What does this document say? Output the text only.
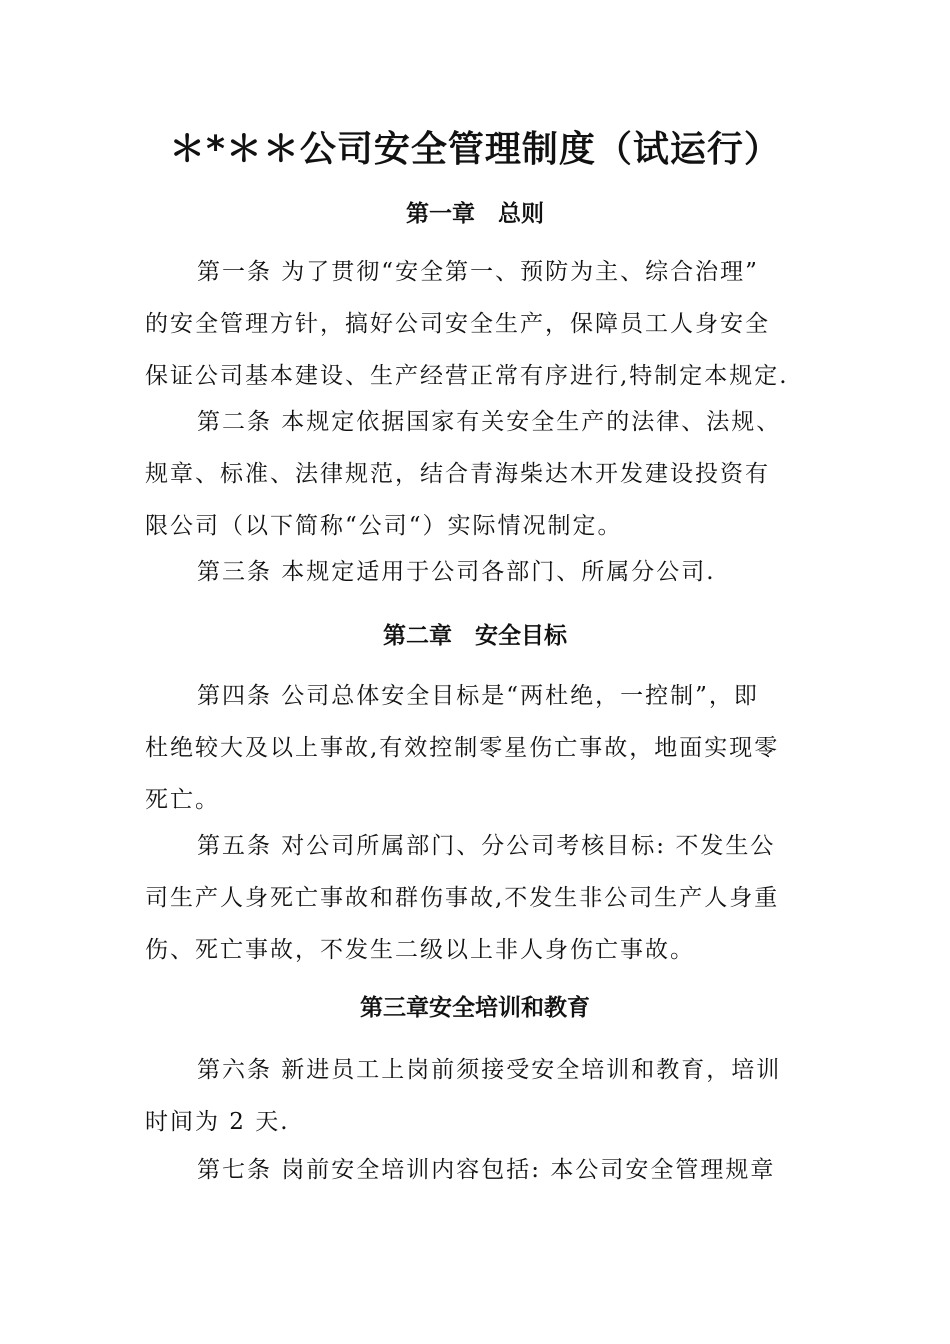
＊*＊＊公司安全管理制度（试运行）
第一章　总则
第一条 为了贯彻“安全第一、预防为主、综合治理”
的安全管理方针，搞好公司安全生产，保障员工人身安全
保证公司基本建设、生产经营正常有序进行,特制定本规定.
第二条 本规定依据国家有关安全生产的法律、法规、
规章、标准、法律规范，结合青海柴达木开发建设投资有
限公司（以下简称“公司“）实际情况制定。
第三条 本规定适用于公司各部门、所属分公司.
第二章　安全目标
第四条 公司总体安全目标是“两杜绝，一控制”，即
杜绝较大及以上事故,有效控制零星伤亡事故，地面实现零
死亡。
第五条 对公司所属部门、分公司考核目标: 不发生公
司生产人身死亡事故和群伤事故,不发生非公司生产人身重
伤、死亡事故，不发生二级以上非人身伤亡事故。
第三章安全培训和教育
第六条 新进员工上岗前须接受安全培训和教育，培训
时间为 2 天.
第七条 岗前安全培训内容包括: 本公司安全管理规章
